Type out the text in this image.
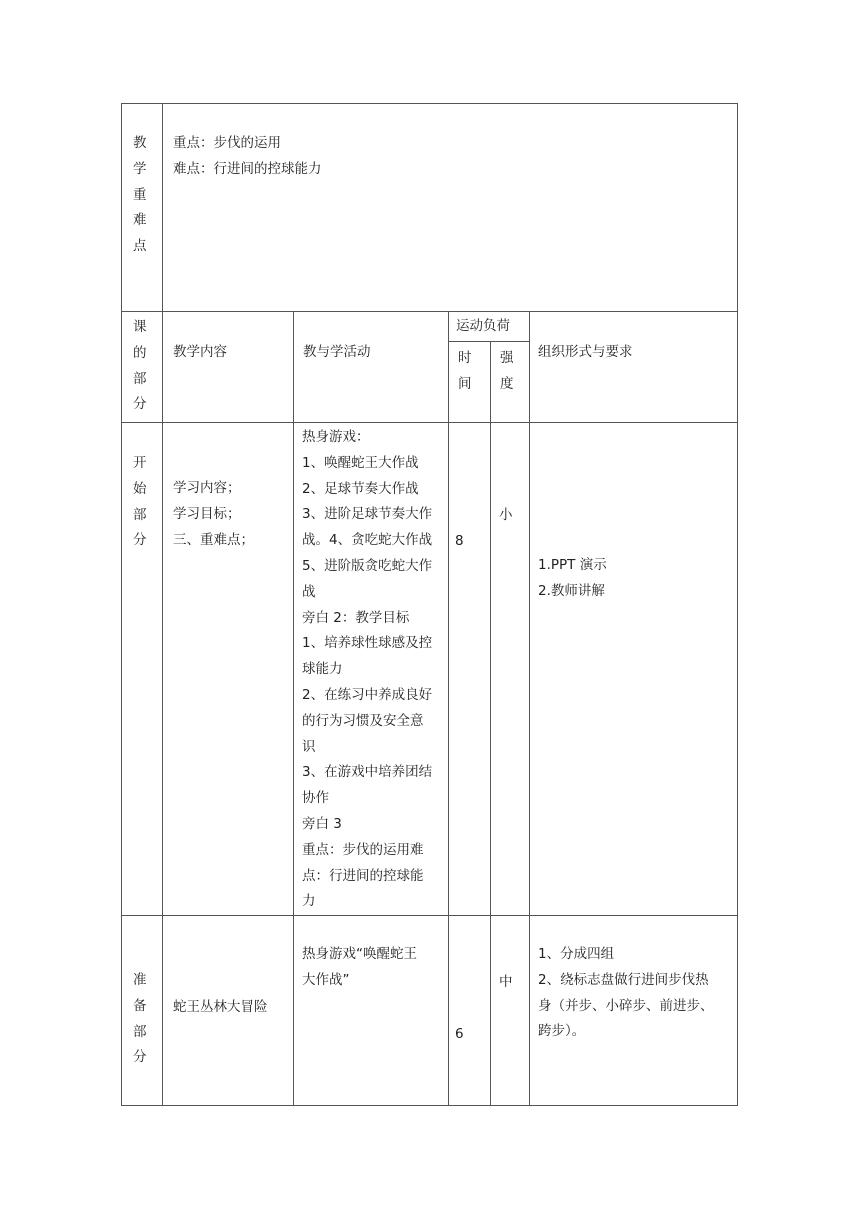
教学重难点
重点：步伐的运用
难点：行进间的控球能力
课的部分
教学内容	教与学活动
运动负荷
时间
强度
组织形式与要求
开始部分
学习内容；
学习目标；
三、重难点；
热身游戏：
1、唤醒蛇王大作战
2、足球节奏大作战
3、进阶足球节奏大作
战。4、贪吃蛇大作战
5、进阶版贪吃蛇大作
战
旁白 2：教学目标
1、培养球性球感及控
球能力
2、在练习中养成良好
的行为习惯及安全意
识
3、在游戏中培养团结
协作
旁白 3
重点：步伐的运用难
点：行进间的控球能
力
8
小
1.PPT 演示
2.教师讲解
准备部分
蛇王丛林大冒险
热身游戏“唤醒蛇王
大作战”
6
中
1、分成四组
2、绕标志盘做行进间步伐热
身（并步、小碎步、前进步、
跨步）。
